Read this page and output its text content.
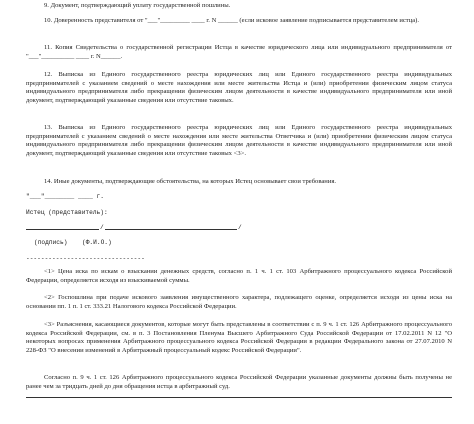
9. Документ, подтверждающий уплату государственной пошлины.

10. Доверенность представителя от "___"_________ ____ г. N ______ (если исковое заявление подписывается представителем истца).

11. Копия Свидетельства о государственной регистрации Истца в качестве юридического лица или индивидуального предпринимателя от "___"__________ ____ г. N______.

12. Выписка из Единого государственного реестра юридических лиц или Единого государственного реестра индивидуальных предпринимателей с указанием сведений о месте нахождения или месте жительства Истца и (или) приобретении физическим лицом статуса индивидуального предпринимателя либо прекращении физическим лицом деятельности в качестве индивидуального предпринимателя или иной документ, подтверждающий указанные сведения или отсутствие таковых.

13. Выписка из Единого государственного реестра юридических лиц или Единого государственного реестра индивидуальных предпринимателей с указанием сведений о месте нахождения или месте жительства Ответчика и (или) приобретении физическим лицом статуса индивидуального предпринимателя либо прекращении физическим лицом деятельности в качестве индивидуального предпринимателя или иной документ, подтверждающий указанные сведения или отсутствие таковых <3>.

14. Иные документы, подтверждающие обстоятельства, на которых Истец основывает свои требования.

"___"________ ____ г.
Истец (представитель):
/	/
(подпись) (Ф.И.О.)
--------------------------------

<1> Цена иска по искам о взыскании денежных средств, согласно п. 1 ч. 1 ст. 103 Арбитражного процессуального кодекса Российской Федерации, определяется исходя из взыскиваемой суммы.

<2> Госпошлина при подаче искового заявления имущественного характера, подлежащего оценке, определяется исходя из цены иска на основании пп. 1 п. 1 ст. 333.21 Налогового кодекса Российской Федерации.

<3> Разъяснения, касающиеся документов, которые могут быть представлены в соответствии с п. 9 ч. 1 ст. 126 Арбитражного процессуального кодекса Российской Федерации, см. в п. 3 Постановления Пленума Высшего Арбитражного Суда Российской Федерации от 17.02.2011 N 12 "О некоторых вопросах применения Арбитражного процессуального кодекса Российской Федерации в редакции Федерального закона от 27.07.2010 N 228-ФЗ "О внесении изменений в Арбитражный процессуальный кодекс Российской Федерации".

Согласно п. 9 ч. 1 ст. 126 Арбитражного процессуального кодекса Российской Федерации указанные документы должны быть получены не ранее чем за тридцать дней до дня обращения истца в арбитражный суд.
